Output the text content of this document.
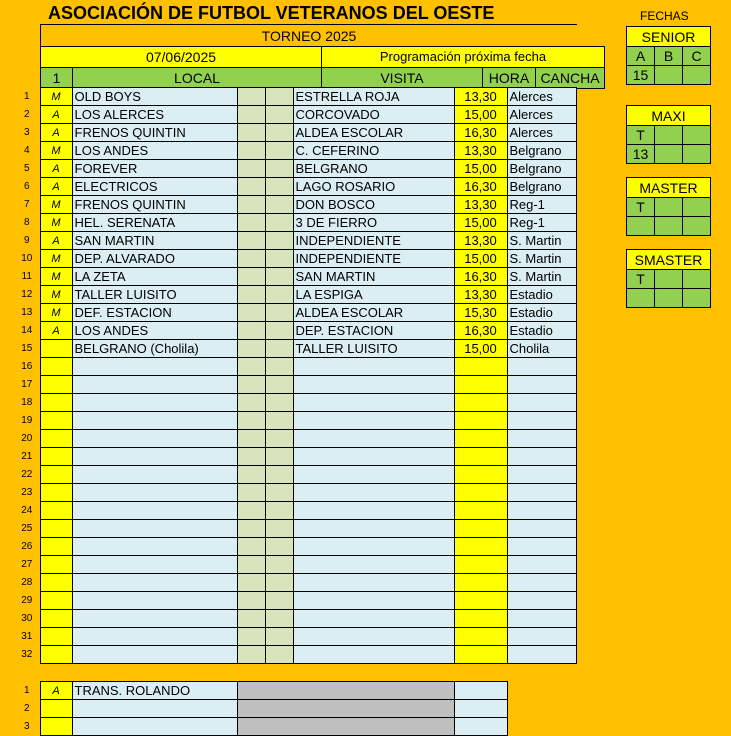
ASOCIACIÓN DE FUTBOL VETERANOS DEL OESTE
TORNEO 2025
07/06/2025		Programación próxima fecha		
1	LOCAL	VISITA	HORA	CANCHA
1	M	OLD BOYS			ESTRELLA ROJA	13,30	Alerces
2	A	LOS ALERCES			CORCOVADO	15,00	Alerces
3	A	FRENOS QUINTIN			ALDEA ESCOLAR	16,30	Alerces
4	M	LOS ANDES			C. CEFERINO	13,30	Belgrano
5	A	FOREVER			BELGRANO	15,00	Belgrano
6	A	ELECTRICOS			LAGO ROSARIO	16,30	Belgrano
7	M	FRENOS QUINTIN			DON BOSCO	13,30	Reg-1
8	M	HEL. SERENATA			3 DE FIERRO	15,00	Reg-1
9	A	SAN MARTIN			INDEPENDIENTE	13,30	S. Martin
10	M	DEP. ALVARADO			INDEPENDIENTE	15,00	S. Martin
11	M	LA ZETA			SAN MARTIN	16,30	S. Martin
12	M	TALLER LUISITO			LA ESPIGA	13,30	Estadio
13	M	DEF. ESTACION			ALDEA ESCOLAR	15,30	Estadio
14	A	LOS ANDES			DEP. ESTACION	16,30	Estadio
15		BELGRANO (Cholila)			TALLER LUISITO	15,00	Cholila
16							
17							
18							
19							
20							
21							
22							
23							
24							
25							
26							
27							
28							
29							
30							
31							
32							
1	A	TRANS. ROLANDO		
2				
3				
FECHAS
SENIOR		
A	B	C
15		
MAXI		
T		
13		
MASTER		
T		

SMASTER		
T		
